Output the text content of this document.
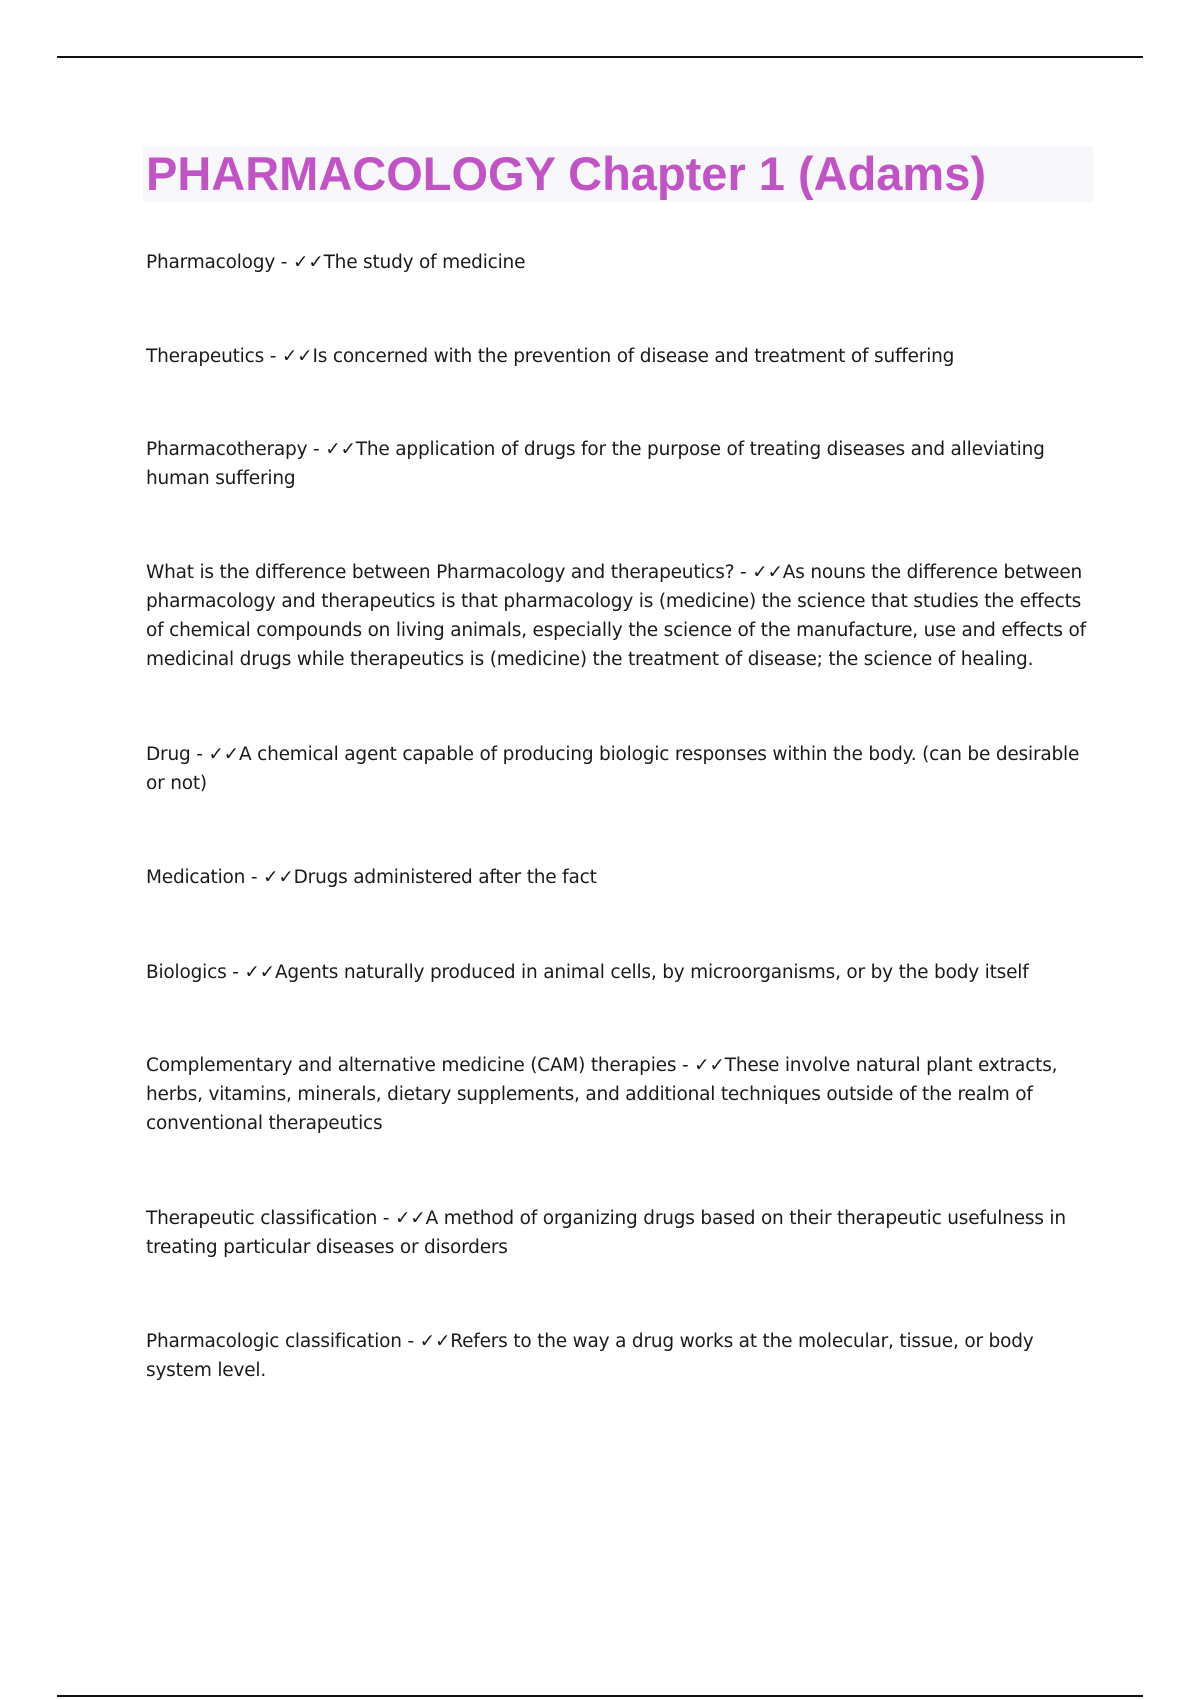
PHARMACOLOGY Chapter 1 (Adams)

Pharmacology - ✓✓The study of medicine

Therapeutics - ✓✓Is concerned with the prevention of disease and treatment of suffering

Pharmacotherapy - ✓✓The application of drugs for the purpose of treating diseases and alleviating human suffering

What is the difference between Pharmacology and therapeutics? - ✓✓As nouns the difference between pharmacology and therapeutics is that pharmacology is (medicine) the science that studies the effects of chemical compounds on living animals, especially the science of the manufacture, use and effects of medicinal drugs while therapeutics is (medicine) the treatment of disease; the science of healing.

Drug - ✓✓A chemical agent capable of producing biologic responses within the body. (can be desirable or not)

Medication - ✓✓Drugs administered after the fact

Biologics - ✓✓Agents naturally produced in animal cells, by microorganisms, or by the body itself

Complementary and alternative medicine (CAM) therapies - ✓✓These involve natural plant extracts, herbs, vitamins, minerals, dietary supplements, and additional techniques outside of the realm of conventional therapeutics

Therapeutic classification - ✓✓A method of organizing drugs based on their therapeutic usefulness in treating particular diseases or disorders

Pharmacologic classification - ✓✓Refers to the way a drug works at the molecular, tissue, or body system level.
